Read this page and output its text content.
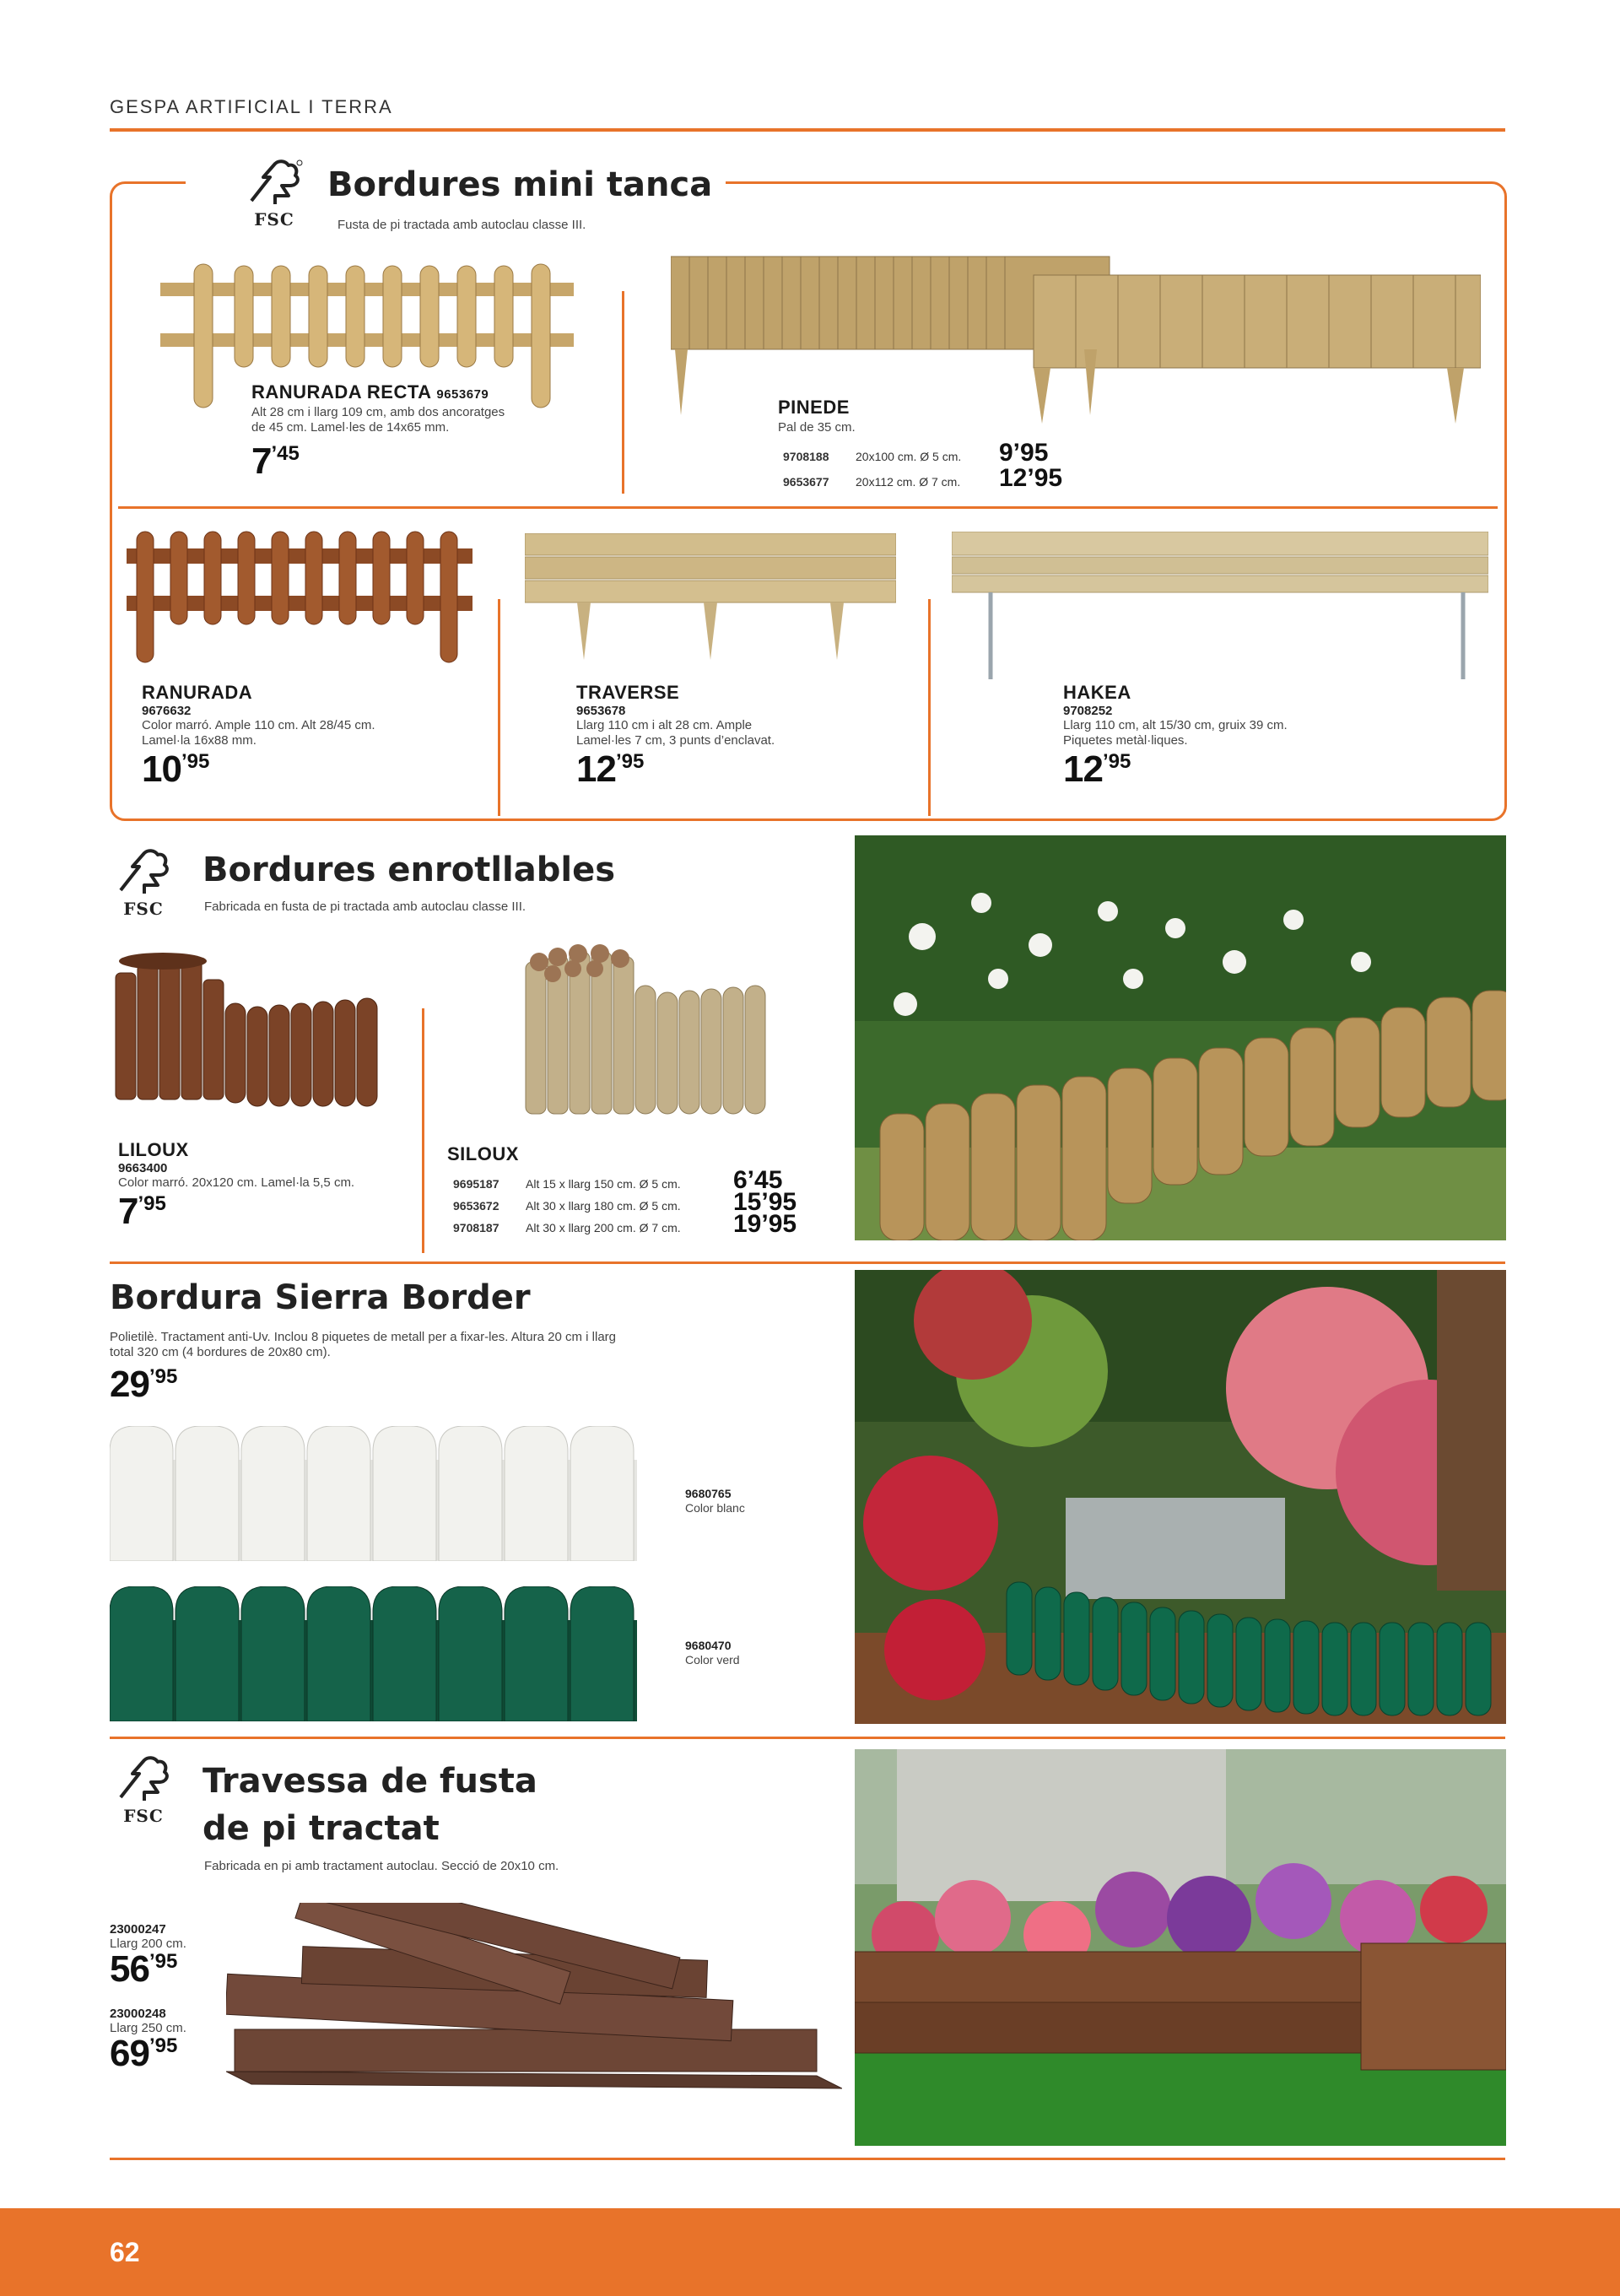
GESPA ARTIFICIAL I TERRA
FSC
Bordures mini tanca
Fusta de pi tractada amb autoclau classe III.
RANURADA RECTA 9653679
Alt 28 cm i llarg 109 cm, amb dos ancoratges
de 45 cm. Lamel·les de 14x65 mm.
7’45
PINEDE
Pal de 35 cm.
9708188	20x100 cm. Ø 5 cm.	9’95
9653677	20x112 cm. Ø 7 cm.	12’95
RANURADA
9676632
Color marró. Ample 110 cm. Alt 28/45 cm.
Lamel·la 16x88 mm.
10’95
TRAVERSE
9653678
Llarg 110 cm i alt 28 cm. Ample
Lamel·les 7 cm, 3 punts d’enclavat.
12’95
HAKEA
9708252
Llarg 110 cm, alt 15/30 cm, gruix 39 cm.
Piquetes metàl·liques.
12’95
FSC
Bordures enrotllables
Fabricada en fusta de pi tractada amb autoclau classe III.
LILOUX
9663400
Color marró. 20x120 cm. Lamel·la 5,5 cm.
7’95
SILOUX
9695187	Alt 15 x llarg 150 cm. Ø 5 cm.	6’45
9653672	Alt 30 x llarg 180 cm. Ø 5 cm.	15’95
9708187	Alt 30 x llarg 200 cm. Ø 7 cm.	19’95
Bordura Sierra Border
Polietilè. Tractament anti-Uv. Inclou 8 piquetes de metall per a fixar-les. Altura 20 cm i llarg
total 320 cm (4 bordures de 20x80 cm).
29’95
9680765
Color blanc
9680470
Color verd
FSC
Travessa de fusta
de pi tractat
Fabricada en pi amb tractament autoclau. Secció de 20x10 cm.
23000247
Llarg 200 cm.
56’95
23000248
Llarg 250 cm.
69’95
62
